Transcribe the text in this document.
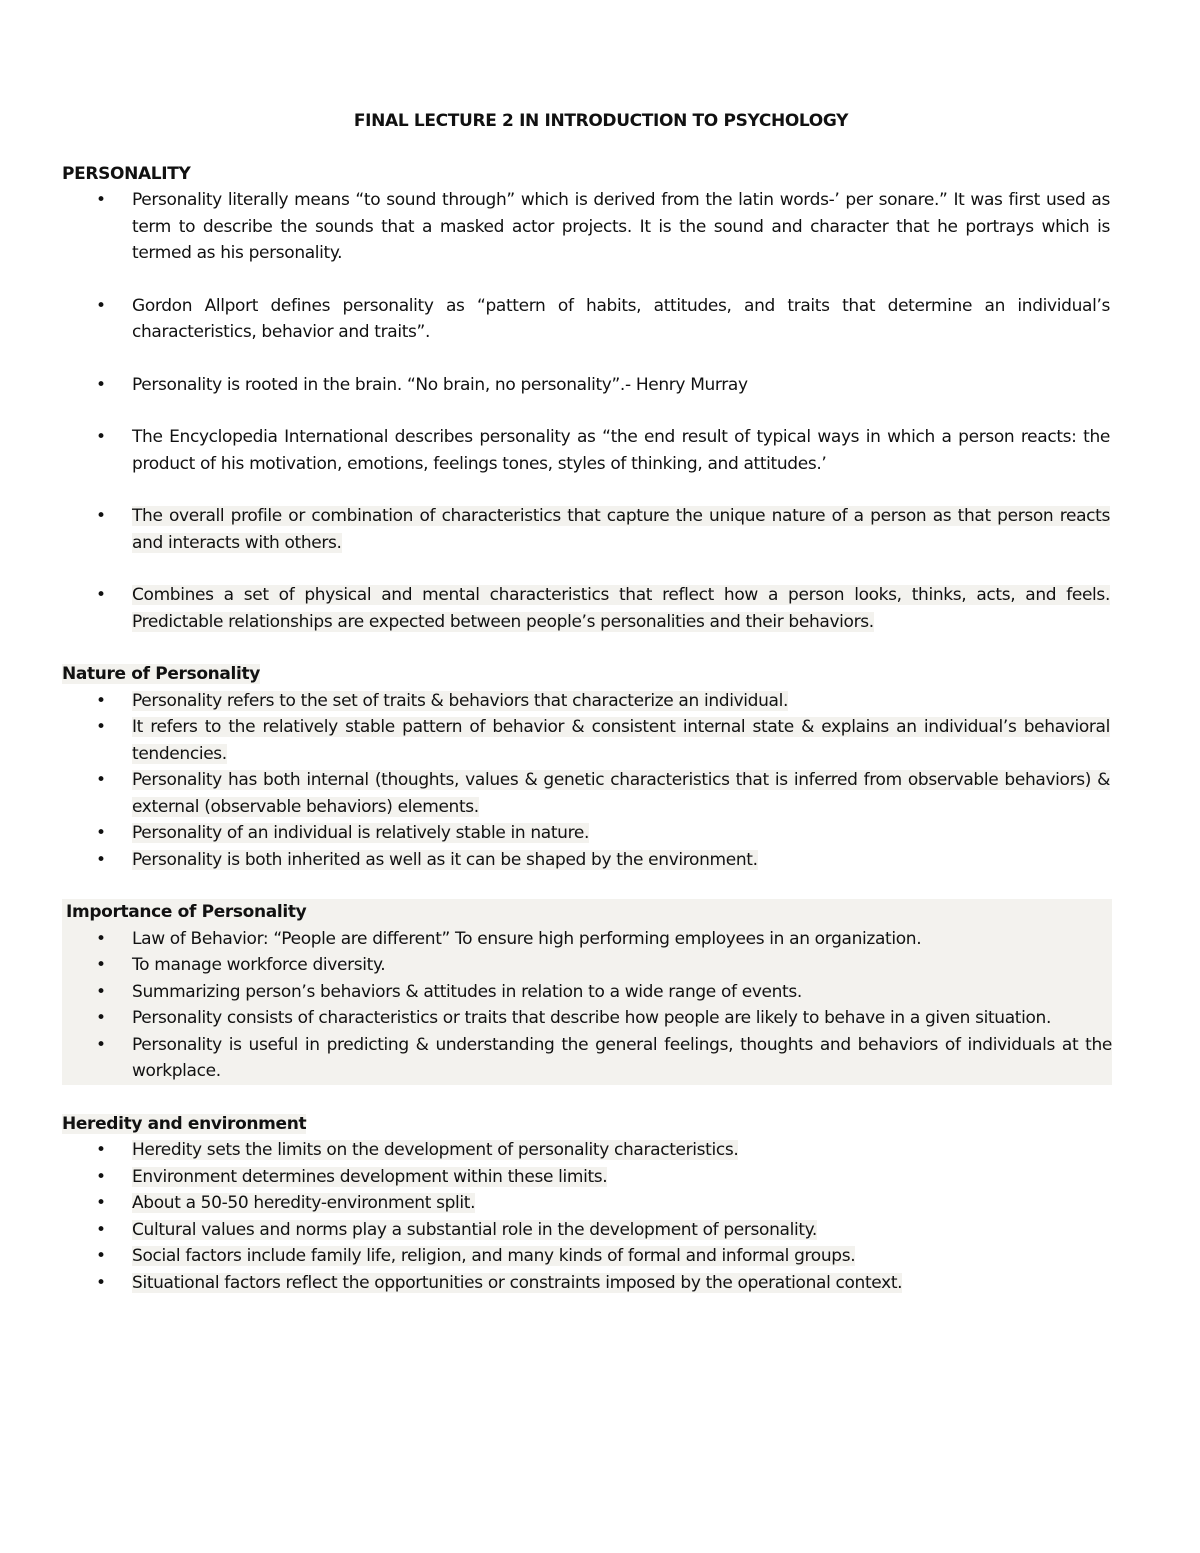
FINAL LECTURE 2 IN INTRODUCTION TO PSYCHOLOGY
PERSONALITY
• Personality literally means “to sound through” which is derived from the latin words-’ per sonare.” It was first used as term to describe the sounds that a masked actor projects. It is the sound and character that he portrays which is termed as his personality.
• Gordon Allport defines personality as “pattern of habits, attitudes, and traits that determine an individual’s characteristics, behavior and traits”.
• Personality is rooted in the brain. “No brain, no personality”.- Henry Murray
• The Encyclopedia International describes personality as “the end result of typical ways in which a person reacts: the product of his motivation, emotions, feelings tones, styles of thinking, and attitudes.’
• The overall profile or combination of characteristics that capture the unique nature of a person as that person reacts and interacts with others.
• Combines a set of physical and mental characteristics that reflect how a person looks, thinks, acts, and feels. Predictable relationships are expected between people’s personalities and their behaviors.
Nature of Personality
• Personality refers to the set of traits & behaviors that characterize an individual.
• It refers to the relatively stable pattern of behavior & consistent internal state & explains an individual’s behavioral tendencies.
• Personality has both internal (thoughts, values & genetic characteristics that is inferred from observable behaviors) & external (observable behaviors) elements.
• Personality of an individual is relatively stable in nature.
• Personality is both inherited as well as it can be shaped by the environment.
Importance of Personality
• Law of Behavior: “People are different” To ensure high performing employees in an organization.
• To manage workforce diversity.
• Summarizing person’s behaviors & attitudes in relation to a wide range of events.
• Personality consists of characteristics or traits that describe how people are likely to behave in a given situation.
• Personality is useful in predicting & understanding the general feelings, thoughts and behaviors of individuals at the workplace.
Heredity and environment
• Heredity sets the limits on the development of personality characteristics.
• Environment determines development within these limits.
• About a 50-50 heredity-environment split.
• Cultural values and norms play a substantial role in the development of personality.
• Social factors include family life, religion, and many kinds of formal and informal groups.
• Situational factors reflect the opportunities or constraints imposed by the operational context.
